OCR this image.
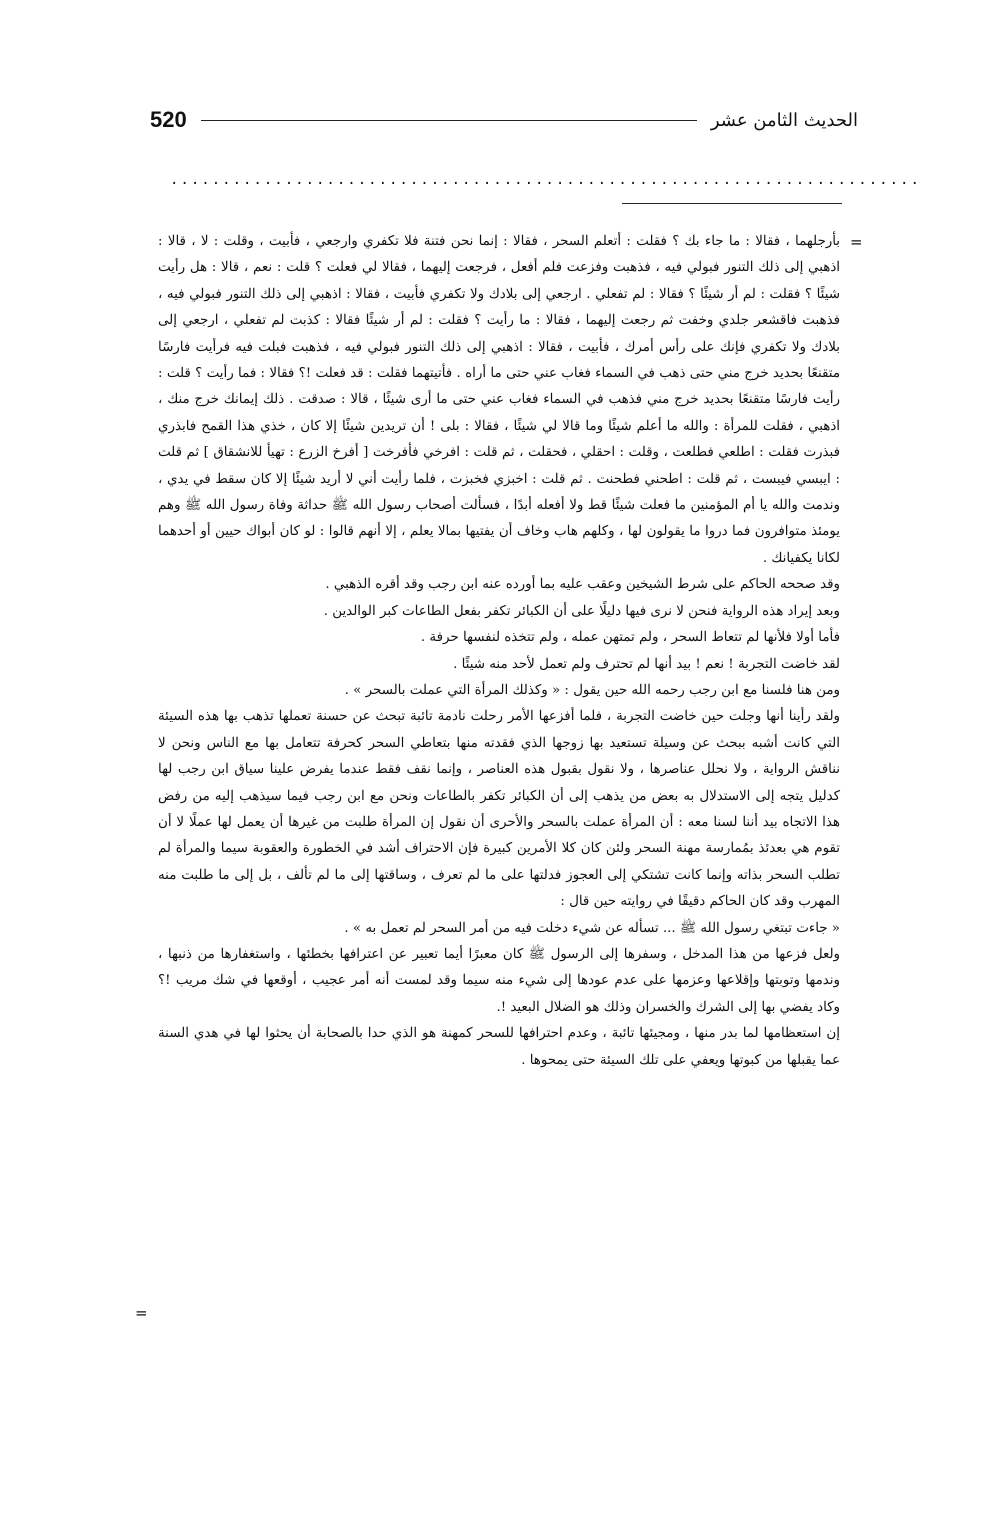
520	الحديث الثامن عشر
........................................................................
=

بأرجلهما ، فقالا : ما جاء بك ؟ فقلت : أتعلم السحر ، فقالا : إنما نحن فتنة فلا تكفري وارجعي ، فأبيت ، وقلت : لا ، قالا : اذهبي إلى ذلك التنور فبولي فيه ، فذهبت وفزعت فلم أفعل ، فرجعت إليهما ، فقالا لي فعلت ؟ قلت : نعم ، قالا : هل رأيت شيئًا ؟ فقلت : لم أر شيئًا ؟ فقالا : لم تفعلي . ارجعي إلى بلادك ولا تكفري فأبيت ، فقالا : اذهبي إلى ذلك التنور فبولي فيه ، فذهبت فاقشعر جلدي وخفت ثم رجعت إليهما ، فقالا : ما رأيت ؟ فقلت : لم أر شيئًا فقالا : كذبت لم تفعلي ، ارجعي إلى بلادك ولا تكفري فإنك على رأس أمرك ، فأبيت ، فقالا : اذهبي إلى ذلك التنور فبولي فيه ، فذهبت فبلت فيه فرأيت فارسًا متقنعًا بحديد خرج مني حتى ذهب في السماء فغاب عني حتى ما أراه . فأتيتهما فقلت : قد فعلت !؟ فقالا : فما رأيت ؟ قلت : رأيت فارسًا متقنعًا بحديد خرج مني فذهب في السماء فغاب عني حتى ما أرى شيئًا ، قالا : صدقت . ذلك إيمانك خرج منك ، اذهبي ، فقلت للمرأة : والله ما أعلم شيئًا وما قالا لي شيئًا ، فقالا : بلى ! أن تريدين شيئًا إلا كان ، خذي هذا القمح فابذري فبذرت فقلت : اطلعي فطلعت ، وقلت : احقلي ، فحقلت ، ثم قلت : افرخي فأفرخت [ أفرخ الزرع : تهيأ للانشقاق ] ثم قلت : ايبسي فيبست ، ثم قلت : اطحني فطحنت . ثم قلت : اخبزي فخبزت ، فلما رأيت أني لا أريد شيئًا إلا كان سقط في يدي ، وندمت والله يا أم المؤمنين ما فعلت شيئًا قط ولا أفعله أبدًا ، فسألت أصحاب رسول الله ﷺ حداثة وفاة رسول الله ﷺ وهم يومئذ متوافرون فما دروا ما يقولون لها ، وكلهم هاب وخاف أن يفتيها بمالا يعلم ، إلا أنهم قالوا : لو كان أبواك حيين أو أحدهما لكانا يكفيانك .

وقد صححه الحاكم على شرط الشيخين وعقب عليه بما أورده عنه ابن رجب وقد أقره الذهبي .

وبعد إيراد هذه الرواية فنحن لا نرى فيها دليلًا على أن الكبائر تكفر بفعل الطاعات كبر الوالدين .

فأما أولا فلأنها لم تتعاط السحر ، ولم تمتهن عمله ، ولم تتخذه لنفسها حرفة .

لقد خاضت التجربة ! نعم ! بيد أنها لم تحترف ولم تعمل لأحد منه شيئًا .

ومن هنا فلسنا مع ابن رجب رحمه الله حين يقول : « وكذلك المرأة التي عملت بالسحر » .

ولقد رأينا أنها وجلت حين خاضت التجربة ، فلما أفزعها الأمر رحلت نادمة تائبة تبحث عن حسنة تعملها تذهب بها هذه السيئة التي كانت أشبه ببحث عن وسيلة تستعيد بها زوجها الذي فقدته منها بتعاطي السحر كحرفة تتعامل بها مع الناس ونحن لا نناقش الرواية ، ولا نحلل عناصرها ، ولا نقول بقبول هذه العناصر ، وإنما نقف فقط عندما يفرض علينا سياق ابن رجب لها كدليل يتجه إلى الاستدلال به بعض من يذهب إلى أن الكبائر تكفر بالطاعات ونحن مع ابن رجب فيما سيذهب إليه من رفض هذا الاتجاه بيد أننا لسنا معه : أن المرأة عملت بالسحر والأحرى أن نقول إن المرأة طلبت من غيرها أن يعمل لها عملًا لا أن تقوم هي بعدئذ بمُمارسة مهنة السحر ولئن كان كلا الأمرين كبيرة فإن الاحتراف أشد في الخطورة والعقوبة سيما والمرأة لم تطلب السحر بذاته وإنما كانت تشتكي إلى العجوز فدلتها على ما لم تعرف ، وساقتها إلى ما لم تألف ، بل إلى ما طلبت منه المهرب وقد كان الحاكم دقيقًا في روايته حين قال :

« جاءت تبتغي رسول الله ﷺ ... تسأله عن شيء دخلت فيه من أمر السحر لم تعمل به » .

ولعل فزعها من هذا المدخل ، وسفرها إلى الرسول ﷺ كان معبرًا أيما تعبير عن اعترافها بخطئها ، واستغفارها من ذنبها ، وندمها وتوبتها وإقلاعها وعزمها على عدم عودها إلى شيء منه سيما وقد لمست أنه أمر عجيب ، أوقعها في شك مريب !؟ وكاد يفضي بها إلى الشرك والخسران وذلك هو الضلال البعيد !.

إن استعظامها لما بدر منها ، ومجيئها تائبة ، وعدم احترافها للسحر كمهنة هو الذي حدا بالصحابة أن يحثوا لها في هدي السنة عما يقبلها من كبوتها ويعفي على تلك السيئة حتى يمحوها .

=
